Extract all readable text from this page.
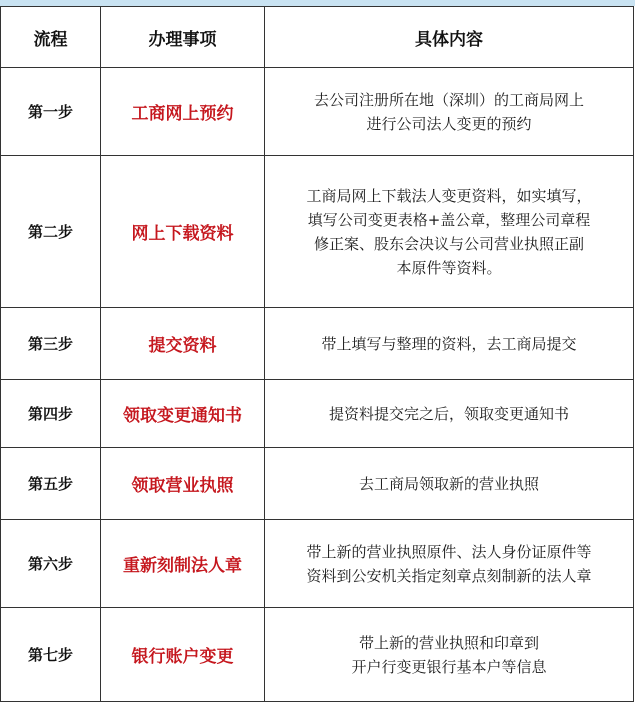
流程	办理事项	具体内容
第一步	工商网上预约	去公司注册所在地（深圳）的工商局网上
进行公司法人变更的预约

第二步	网上下载资料	工商局网上下载法人变更资料，如实填写，
填写公司变更表格+盖公章，整理公司章程
修正案、股东会决议与公司营业执照正副
本原件等资料。

第三步	提交资料	带上填写与整理的资料，去工商局提交

第四步	领取变更通知书	提资料提交完之后，领取变更通知书

第五步	领取营业执照	去工商局领取新的营业执照

第六步	重新刻制法人章	带上新的营业执照原件、法人身份证原件等
资料到公安机关指定刻章点刻制新的法人章

第七步	银行账户变更	带上新的营业执照和印章到
开户行变更银行基本户等信息
